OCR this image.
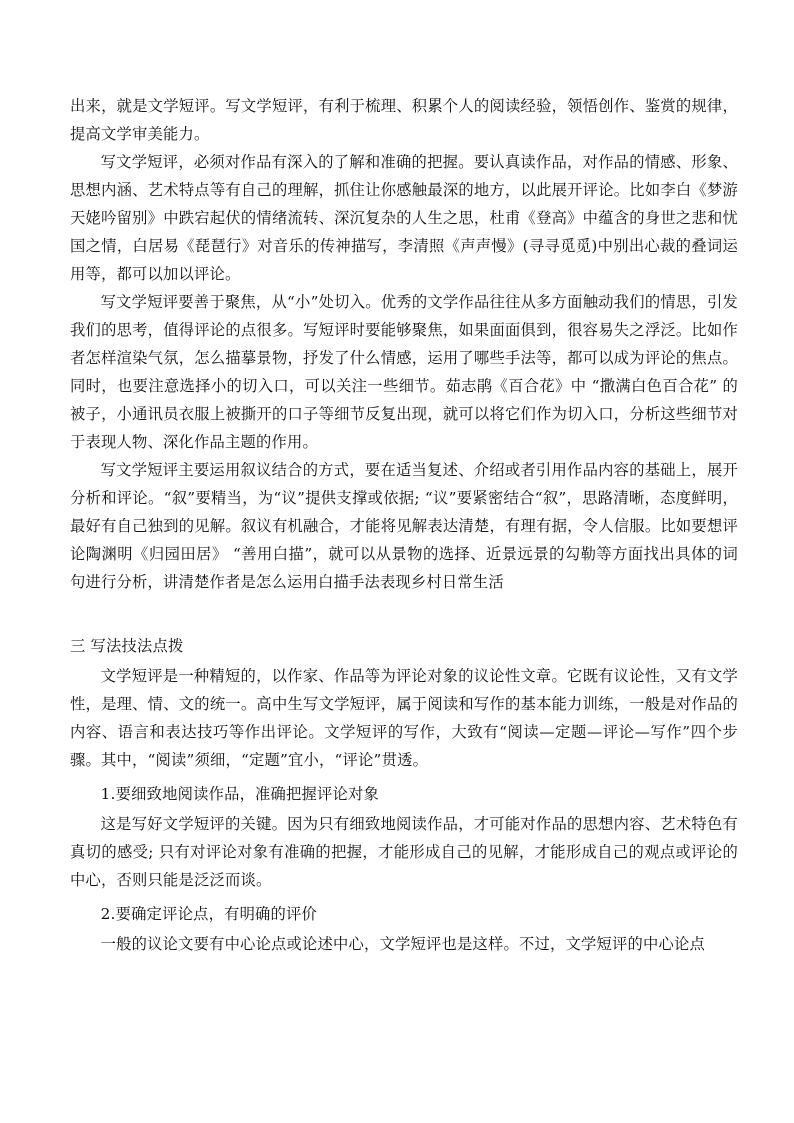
出来，就是文学短评。写文学短评，有利于梳理、积累个人的阅读经验，领悟创作、鉴赏的规律，提高文学审美能力。

写文学短评，必须对作品有深入的了解和准确的把握。要认真读作品，对作品的情感、形象、思想内涵、艺术特点等有自己的理解，抓住让你感触最深的地方，以此展开评论。比如李白《梦游天姥吟留别》中跌宕起伏的情绪流转、深沉复杂的人生之思，杜甫《登高》中蕴含的身世之悲和忧国之情，白居易《琵琶行》对音乐的传神描写，李清照《声声慢》(寻寻觅觅)中别出心裁的叠词运用等，都可以加以评论。

写文学短评要善于聚焦，从“小”处切入。优秀的文学作品往往从多方面触动我们的情思，引发我们的思考，值得评论的点很多。写短评时要能够聚焦，如果面面俱到，很容易失之浮泛。比如作者怎样渲染气氛，怎么描摹景物，抒发了什么情感，运用了哪些手法等，都可以成为评论的焦点。同时，也要注意选择小的切入口，可以关注一些细节。茹志鹃《百合花》中 “撒满白色百合花” 的被子，小通讯员衣服上被撕开的口子等细节反复出现，就可以将它们作为切入口，分析这些细节对于表现人物、深化作品主题的作用。

写文学短评主要运用叙议结合的方式，要在适当复述、介绍或者引用作品内容的基础上，展开分析和评论。“叙”要精当，为“议”提供支撑或依据; “议”要紧密结合“叙”，思路清晰，态度鲜明，最好有自己独到的见解。叙议有机融合，才能将见解表达清楚，有理有据，令人信服。比如要想评论陶渊明《归园田居》 “善用白描”，就可以从景物的选择、近景远景的勾勒等方面找出具体的词句进行分析，讲清楚作者是怎么运用白描手法表现乡村日常生活

三 写法技法点拨

文学短评是一种精短的，以作家、作品等为评论对象的议论性文章。它既有议论性，又有文学性，是理、情、文的统一。高中生写文学短评，属于阅读和写作的基本能力训练，一般是对作品的内容、语言和表达技巧等作出评论。文学短评的写作，大致有“阅读—定题—评论—写作”四个步骤。其中，“阅读”须细，“定题”宜小，“评论”贯透。

1.要细致地阅读作品，准确把握评论对象

这是写好文学短评的关键。因为只有细致地阅读作品，才可能对作品的思想内容、艺术特色有真切的感受; 只有对评论对象有准确的把握，才能形成自己的见解，才能形成自己的观点或评论的中心，否则只能是泛泛而谈。

2.要确定评论点，有明确的评价

一般的议论文要有中心论点或论述中心，文学短评也是这样。不过，文学短评的中心论点
